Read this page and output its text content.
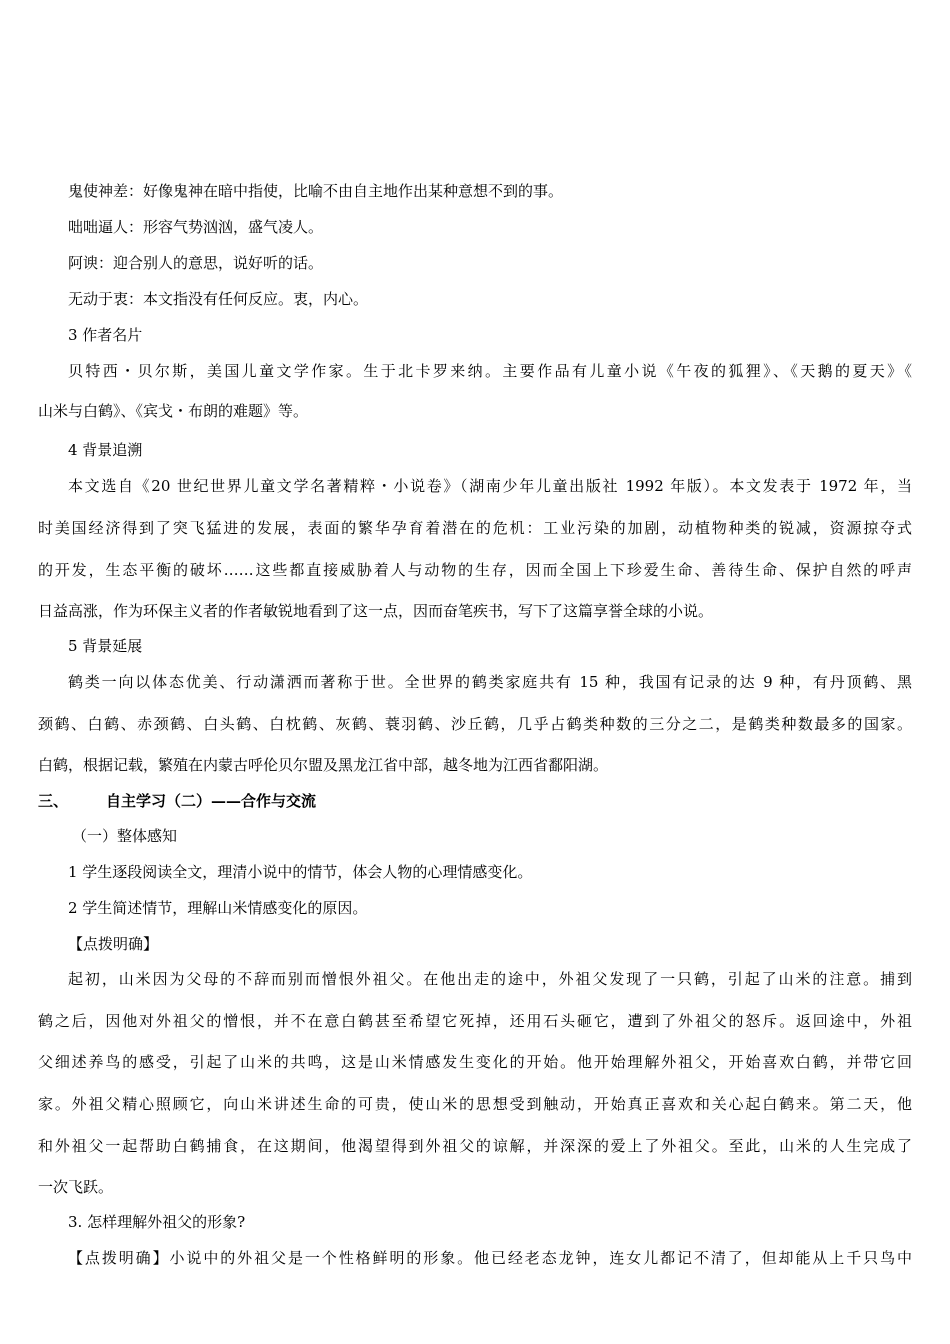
鬼使神差：好像鬼神在暗中指使，比喻不由自主地作出某种意想不到的事。
咄咄逼人：形容气势汹汹，盛气凌人。
阿谀：迎合别人的意思，说好听的话。
无动于衷：本文指没有任何反应。衷，内心。
3 作者名片
贝特西・贝尔斯，美国儿童文学作家。生于北卡罗来纳。主要作品有儿童小说《午夜的狐狸》、《天鹅的夏天》《
山米与白鹤》、《宾戈・布朗的难题》等。
4 背景追溯
本文选自《20 世纪世界儿童文学名著精粹・小说卷》（湖南少年儿童出版社 1992 年版）。本文发表于 1972 年，当
时美国经济得到了突飞猛进的发展，表面的繁华孕育着潜在的危机：工业污染的加剧，动植物种类的锐减，资源掠夺式
的开发，生态平衡的破坏……这些都直接威胁着人与动物的生存，因而全国上下珍爱生命、善待生命、保护自然的呼声
日益高涨，作为环保主义者的作者敏锐地看到了这一点，因而奋笔疾书，写下了这篇享誉全球的小说。
5 背景延展
鹤类一向以体态优美、行动潇洒而著称于世。全世界的鹤类家庭共有 15 种，我国有记录的达 9 种，有丹顶鹤、黑
颈鹤、白鹤、赤颈鹤、白头鹤、白枕鹤、灰鹤、蓑羽鹤、沙丘鹤，几乎占鹤类种数的三分之二，是鹤类种数最多的国家。
白鹤，根据记载，繁殖在内蒙古呼伦贝尔盟及黑龙江省中部，越冬地为江西省鄱阳湖。
三、	自主学习（二）——合作与交流
（一）整体感知
1 学生逐段阅读全文，理清小说中的情节，体会人物的心理情感变化。
2 学生简述情节，理解山米情感变化的原因。
【点拨明确】
起初，山米因为父母的不辞而别而憎恨外祖父。在他出走的途中，外祖父发现了一只鹤，引起了山米的注意。捕到
鹤之后，因他对外祖父的憎恨，并不在意白鹤甚至希望它死掉，还用石头砸它，遭到了外祖父的怒斥。返回途中，外祖
父细述养鸟的感受，引起了山米的共鸣，这是山米情感发生变化的开始。他开始理解外祖父，开始喜欢白鹤，并带它回
家。外祖父精心照顾它，向山米讲述生命的可贵，使山米的思想受到触动，开始真正喜欢和关心起白鹤来。第二天，他
和外祖父一起帮助白鹤捕食，在这期间，他渴望得到外祖父的谅解，并深深的爱上了外祖父。至此，山米的人生完成了
一次飞跃。
3. 怎样理解外祖父的形象?
【点拨明确】小说中的外祖父是一个性格鲜明的形象。他已经老态龙钟，连女儿都记不清了，但却能从上千只鸟中
